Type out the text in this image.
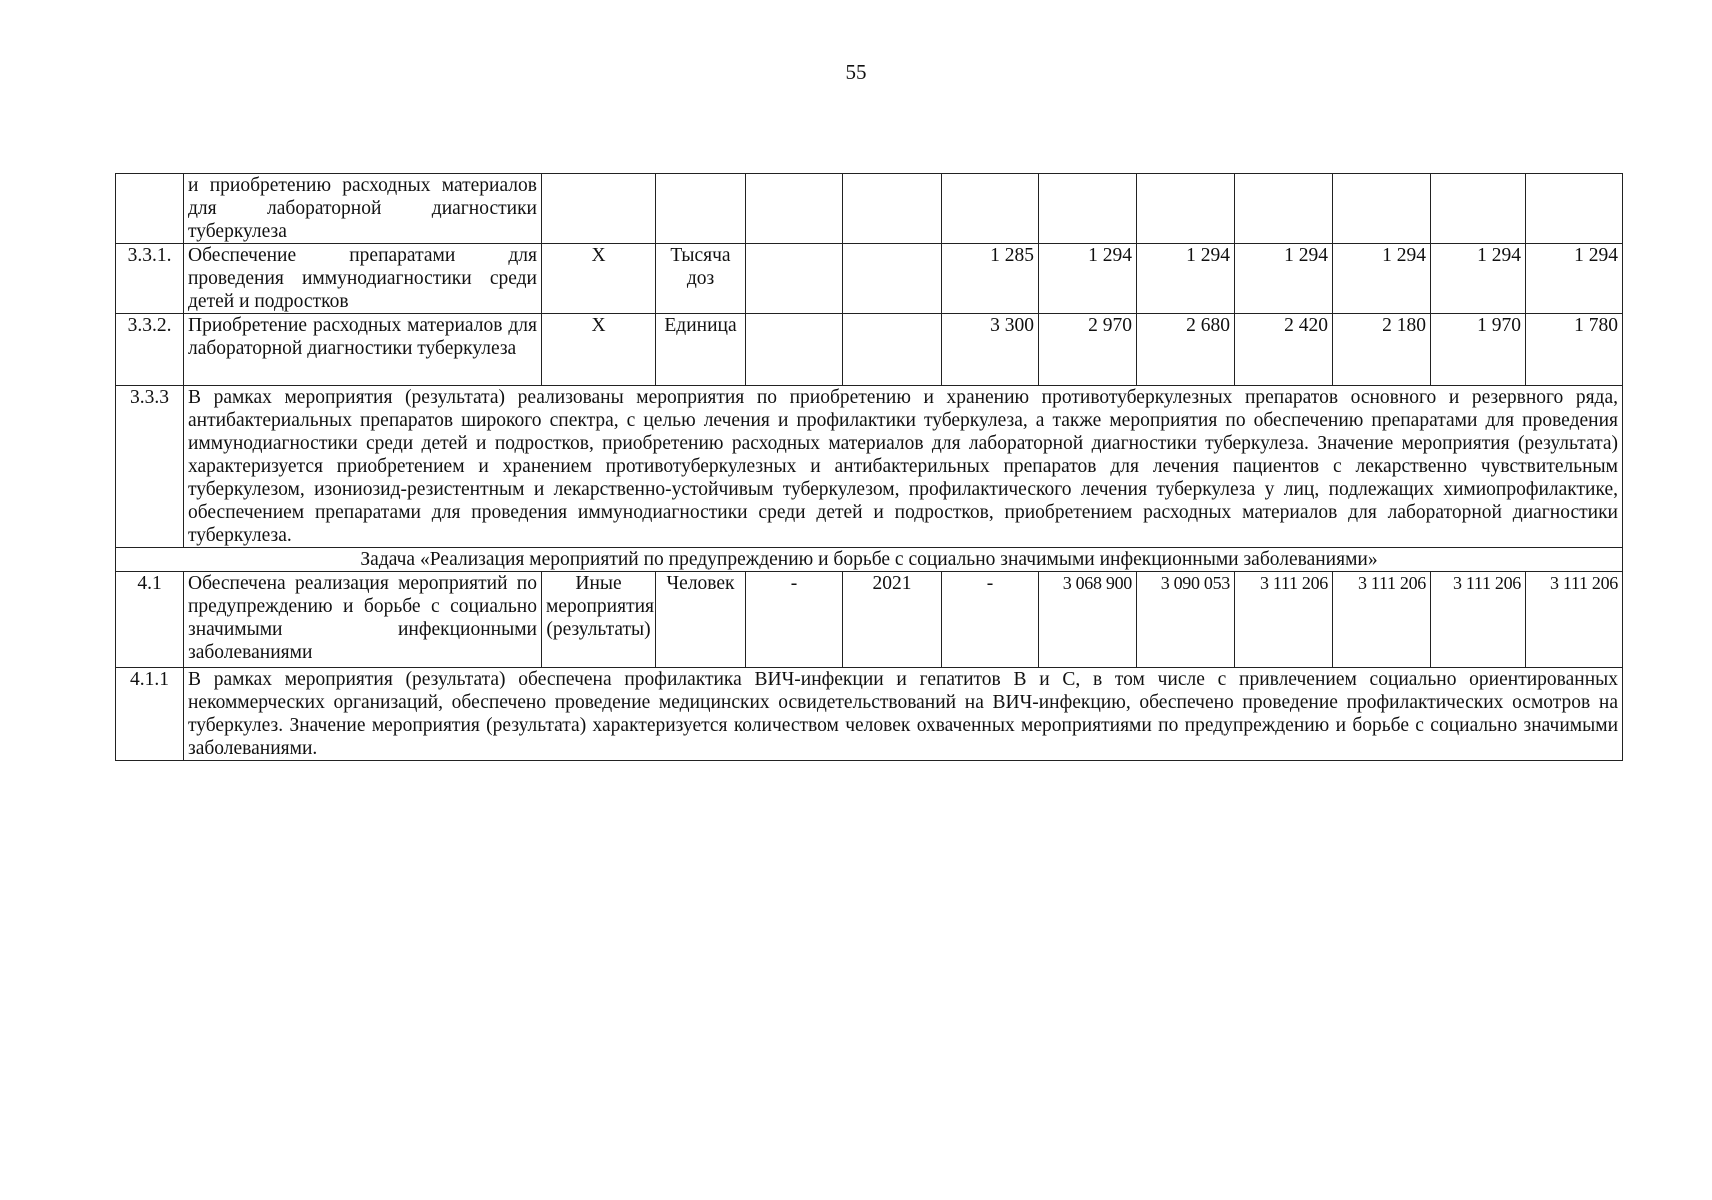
55
	и приобретению расходных материалов для лабораторной диагностики туберкулеза											
3.3.1.	Обеспечение препаратами для проведения иммунодиагностики среди детей и подростков	Х	Тысяча доз			1 285	1 294	1 294	1 294	1 294	1 294	1 294
3.3.2.	Приобретение расходных материалов для лабораторной диагностики туберкулеза	Х	Единица			3 300	2 970	2 680	2 420	2 180	1 970	1 780
3.3.3	В рамках мероприятия (результата) реализованы мероприятия по приобретению и хранению противотуберкулезных препаратов основного и резервного ряда, антибактериальных препаратов широкого спектра, с целью лечения и профилактики туберкулеза, а также мероприятия по обеспечению препаратами для проведения иммунодиагностики среди детей и подростков, приобретению расходных материалов для лабораторной диагностики туберкулеза. Значение мероприятия (результата) характеризуется приобретением и хранением противотуберкулезных и антибактерильных препаратов для лечения пациентов с лекарственно чувствительным туберкулезом, изониозид-резистентным и лекарственно-устойчивым туберкулезом, профилактического лечения туберкулеза у лиц, подлежащих химиопрофилактике, обеспечением препаратами для проведения иммунодиагностики среди детей и подростков, приобретением расходных материалов для лабораторной диагностики туберкулеза.											
Задача «Реализация мероприятий по предупреждению и борьбе с социально значимыми инфекционными заболеваниями»												
4.1	Обеспечена реализация мероприятий по предупреждению и борьбе с социально значимыми инфекционными заболеваниями	Иные мероприятия (результаты)	Человек	-	2021	-	3 068 900	3 090 053	3 111 206	3 111 206	3 111 206	3 111 206
4.1.1	В рамках мероприятия (результата) обеспечена профилактика ВИЧ-инфекции и гепатитов В и С, в том числе с привлечением социально ориентированных некоммерческих организаций, обеспечено проведение медицинских освидетельствований на ВИЧ-инфекцию, обеспечено проведение профилактических осмотров на туберкулез. Значение мероприятия (результата) характеризуется количеством человек охваченных мероприятиями по предупреждению и борьбе с социально значимыми заболеваниями.											
